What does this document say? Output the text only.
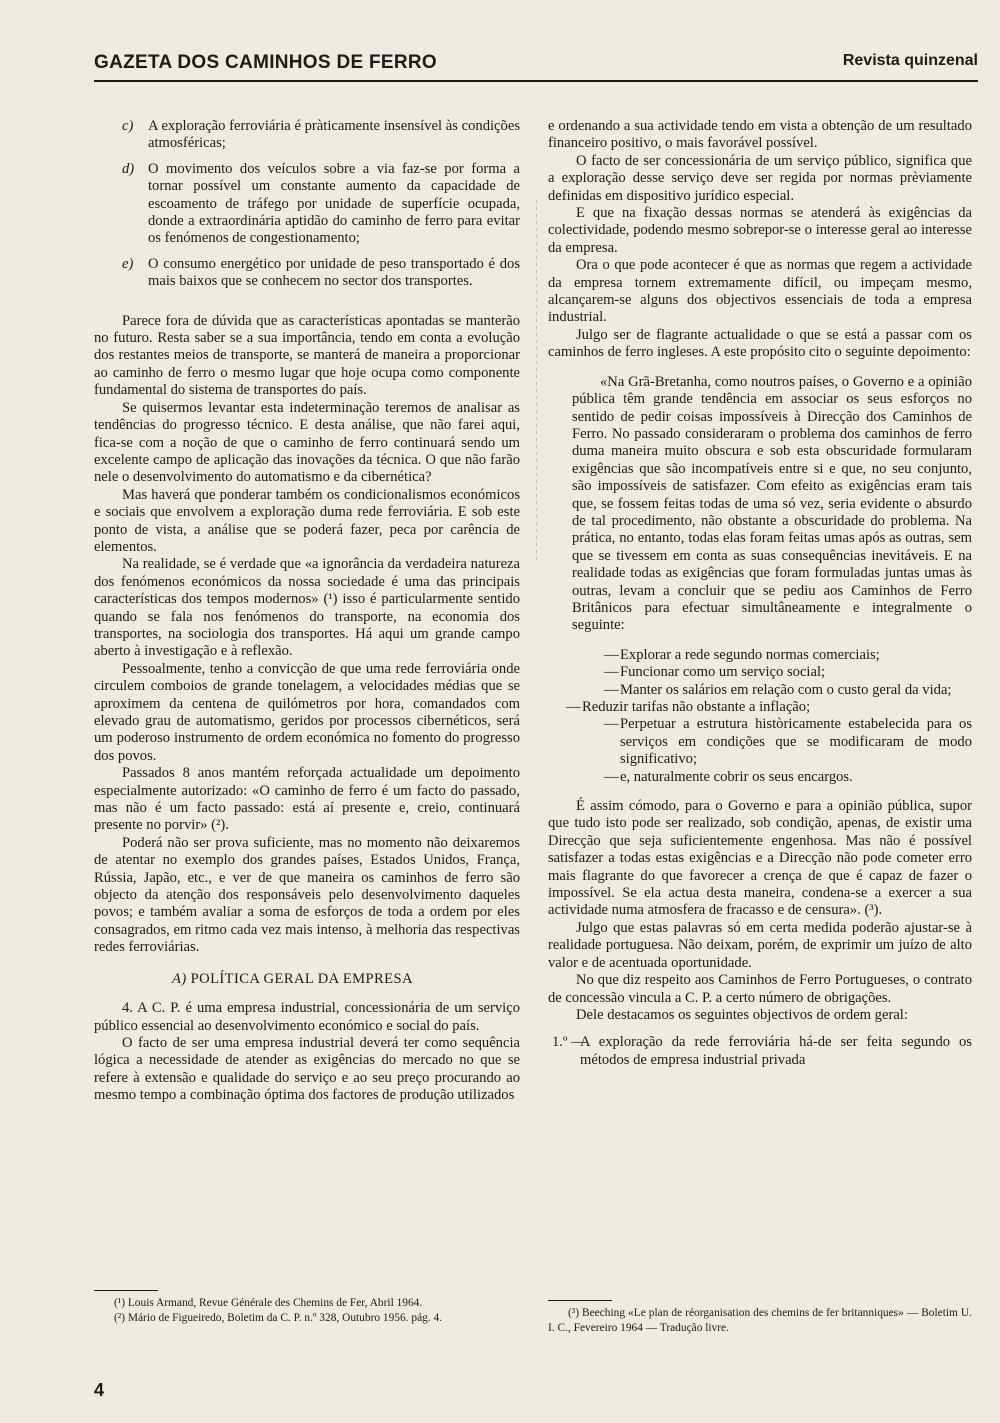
GAZETA DOS CAMINHOS DE FERRO	Revista quinzenal
c) A exploração ferroviária é pràticamente insensível às condições atmosféricas;
d) O movimento dos veículos sobre a via faz-se por forma a tornar possível um constante aumento da capacidade de escoamento de tráfego por unidade de superfície ocupada, donde a extraordinária aptidão do caminho de ferro para evitar os fenómenos de congestionamento;
e) O consumo energético por unidade de peso transportado é dos mais baixos que se conhecem no sector dos transportes.

Parece fora de dúvida que as características apontadas se manterão no futuro. Resta saber se a sua importância, tendo em conta a evolução dos restantes meios de transporte, se manterá de maneira a proporcionar ao caminho de ferro o mesmo lugar que hoje ocupa como componente fundamental do sistema de transportes do país.

Se quisermos levantar esta indeterminação teremos de analisar as tendências do progresso técnico. E desta análise, que não farei aqui, fica-se com a noção de que o caminho de ferro continuará sendo um excelente campo de aplicação das inovações da técnica. O que não farão nele o desenvolvimento do automatismo e da cibernética?

Mas haverá que ponderar também os condicionalismos económicos e sociais que envolvem a exploração duma rede ferroviária. E sob este ponto de vista, a análise que se poderá fazer, peca por carência de elementos.

Na realidade, se é verdade que «a ignorância da verdadeira natureza dos fenómenos económicos da nossa sociedade é uma das principais características dos tempos modernos» (¹) isso é particularmente sentido quando se fala nos fenómenos do transporte, na economia dos transportes, na sociologia dos transportes. Há aqui um grande campo aberto à investigação e à reflexão.

Pessoalmente, tenho a convicção de que uma rede ferroviária onde circulem comboios de grande tonelagem, a velocidades médias que se aproximem da centena de quilómetros por hora, comandados com elevado grau de automatismo, geridos por processos cibernéticos, será um poderoso instrumento de ordem económica no fomento do progresso dos povos.

Passados 8 anos mantém reforçada actualidade um depoimento especialmente autorizado: «O caminho de ferro é um facto do passado, mas não é um facto passado: está aí presente e, creio, continuará presente no porvir» (²).

Poderá não ser prova suficiente, mas no momento não deixaremos de atentar no exemplo dos grandes países, Estados Unidos, França, Rússia, Japão, etc., e ver de que maneira os caminhos de ferro são objecto da atenção dos responsáveis pelo desenvolvimento daqueles povos; e também avaliar a soma de esforços de toda a ordem por eles consagrados, em ritmo cada vez mais intenso, à melhoria das respectivas redes ferroviárias.

A) POLÍTICA GERAL DA EMPRESA

4. A C. P. é uma empresa industrial, concessionária de um serviço público essencial ao desenvolvimento económico e social do país.

O facto de ser uma empresa industrial deverá ter como sequência lógica a necessidade de atender as exigências do mercado no que se refere à extensão e qualidade do serviço e ao seu preço procurando ao mesmo tempo a combinação óptima dos factores de produção utilizados

(¹) Louis Armand, Revue Générale des Chemins de Fer, Abril 1964.
(²) Mário de Figueiredo, Boletim da C. P. n.º 328, Outubro 1956. pág. 4.
e ordenando a sua actividade tendo em vista a obtenção de um resultado financeiro positivo, o mais favorável possível.

O facto de ser concessionária de um serviço público, significa que a exploração desse serviço deve ser regida por normas prèviamente definidas em dispositivo jurídico especial.

E que na fixação dessas normas se atenderá às exigências da colectividade, podendo mesmo sobrepor-se o interesse geral ao interesse da empresa.

Ora o que pode acontecer é que as normas que regem a actividade da empresa tornem extremamente difícil, ou impeçam mesmo, alcançarem-se alguns dos objectivos essenciais de toda a empresa industrial.

Julgo ser de flagrante actualidade o que se está a passar com os caminhos de ferro ingleses. A este propósito cito o seguinte depoimento:

«Na Grã-Bretanha, como noutros países, o Governo e a opinião pública têm grande tendência em associar os seus esforços no sentido de pedir coisas impossíveis à Direcção dos Caminhos de Ferro. No passado consideraram o problema dos caminhos de ferro duma maneira muito obscura e sob esta obscuridade formularam exigências que são incompatíveis entre si e que, no seu conjunto, são impossíveis de satisfazer. Com efeito as exigências eram tais que, se fossem feitas todas de uma só vez, seria evidente o absurdo de tal procedimento, não obstante a obscuridade do problema. Na prática, no entanto, todas elas foram feitas umas após as outras, sem que se tivessem em conta as suas consequências inevitáveis. E na realidade todas as exigências que foram formuladas juntas umas às outras, levam a concluir que se pediu aos Caminhos de Ferro Britânicos para efectuar simultâneamente e integralmente o seguinte:

— Explorar a rede segundo normas comerciais;
— Funcionar como um serviço social;
— Manter os salários em relação com o custo geral da vida;
— Reduzir tarifas não obstante a inflação;
— Perpetuar a estrutura històricamente estabelecida para os serviços em condições que se modificaram de modo significativo;
— e, naturalmente cobrir os seus encargos.

É assim cómodo, para o Governo e para a opinião pública, supor que tudo isto pode ser realizado, sob condição, apenas, de existir uma Direcção que seja suficientemente engenhosa. Mas não é possível satisfazer a todas estas exigências e a Direcção não pode cometer erro mais flagrante do que favorecer a crença de que é capaz de fazer o impossível. Se ela actua desta maneira, condena-se a exercer a sua actividade numa atmosfera de fracasso e de censura». (³).

Julgo que estas palavras só em certa medida poderão ajustar-se à realidade portuguesa. Não deixam, porém, de exprimir um juízo de alto valor e de acentuada oportunidade.

No que diz respeito aos Caminhos de Ferro Portugueses, o contrato de concessão vincula a C. P. a certo número de obrigações.

Dele destacamos os seguintes objectivos de ordem geral:

1.º —
A exploração da rede ferroviária há-de ser feita segundo os métodos de empresa industrial privada
(³) Beeching «Le plan de réorganisation des chemins de fer britanniques» — Boletim U. I. C., Fevereiro 1964 — Tradução livre.
4
